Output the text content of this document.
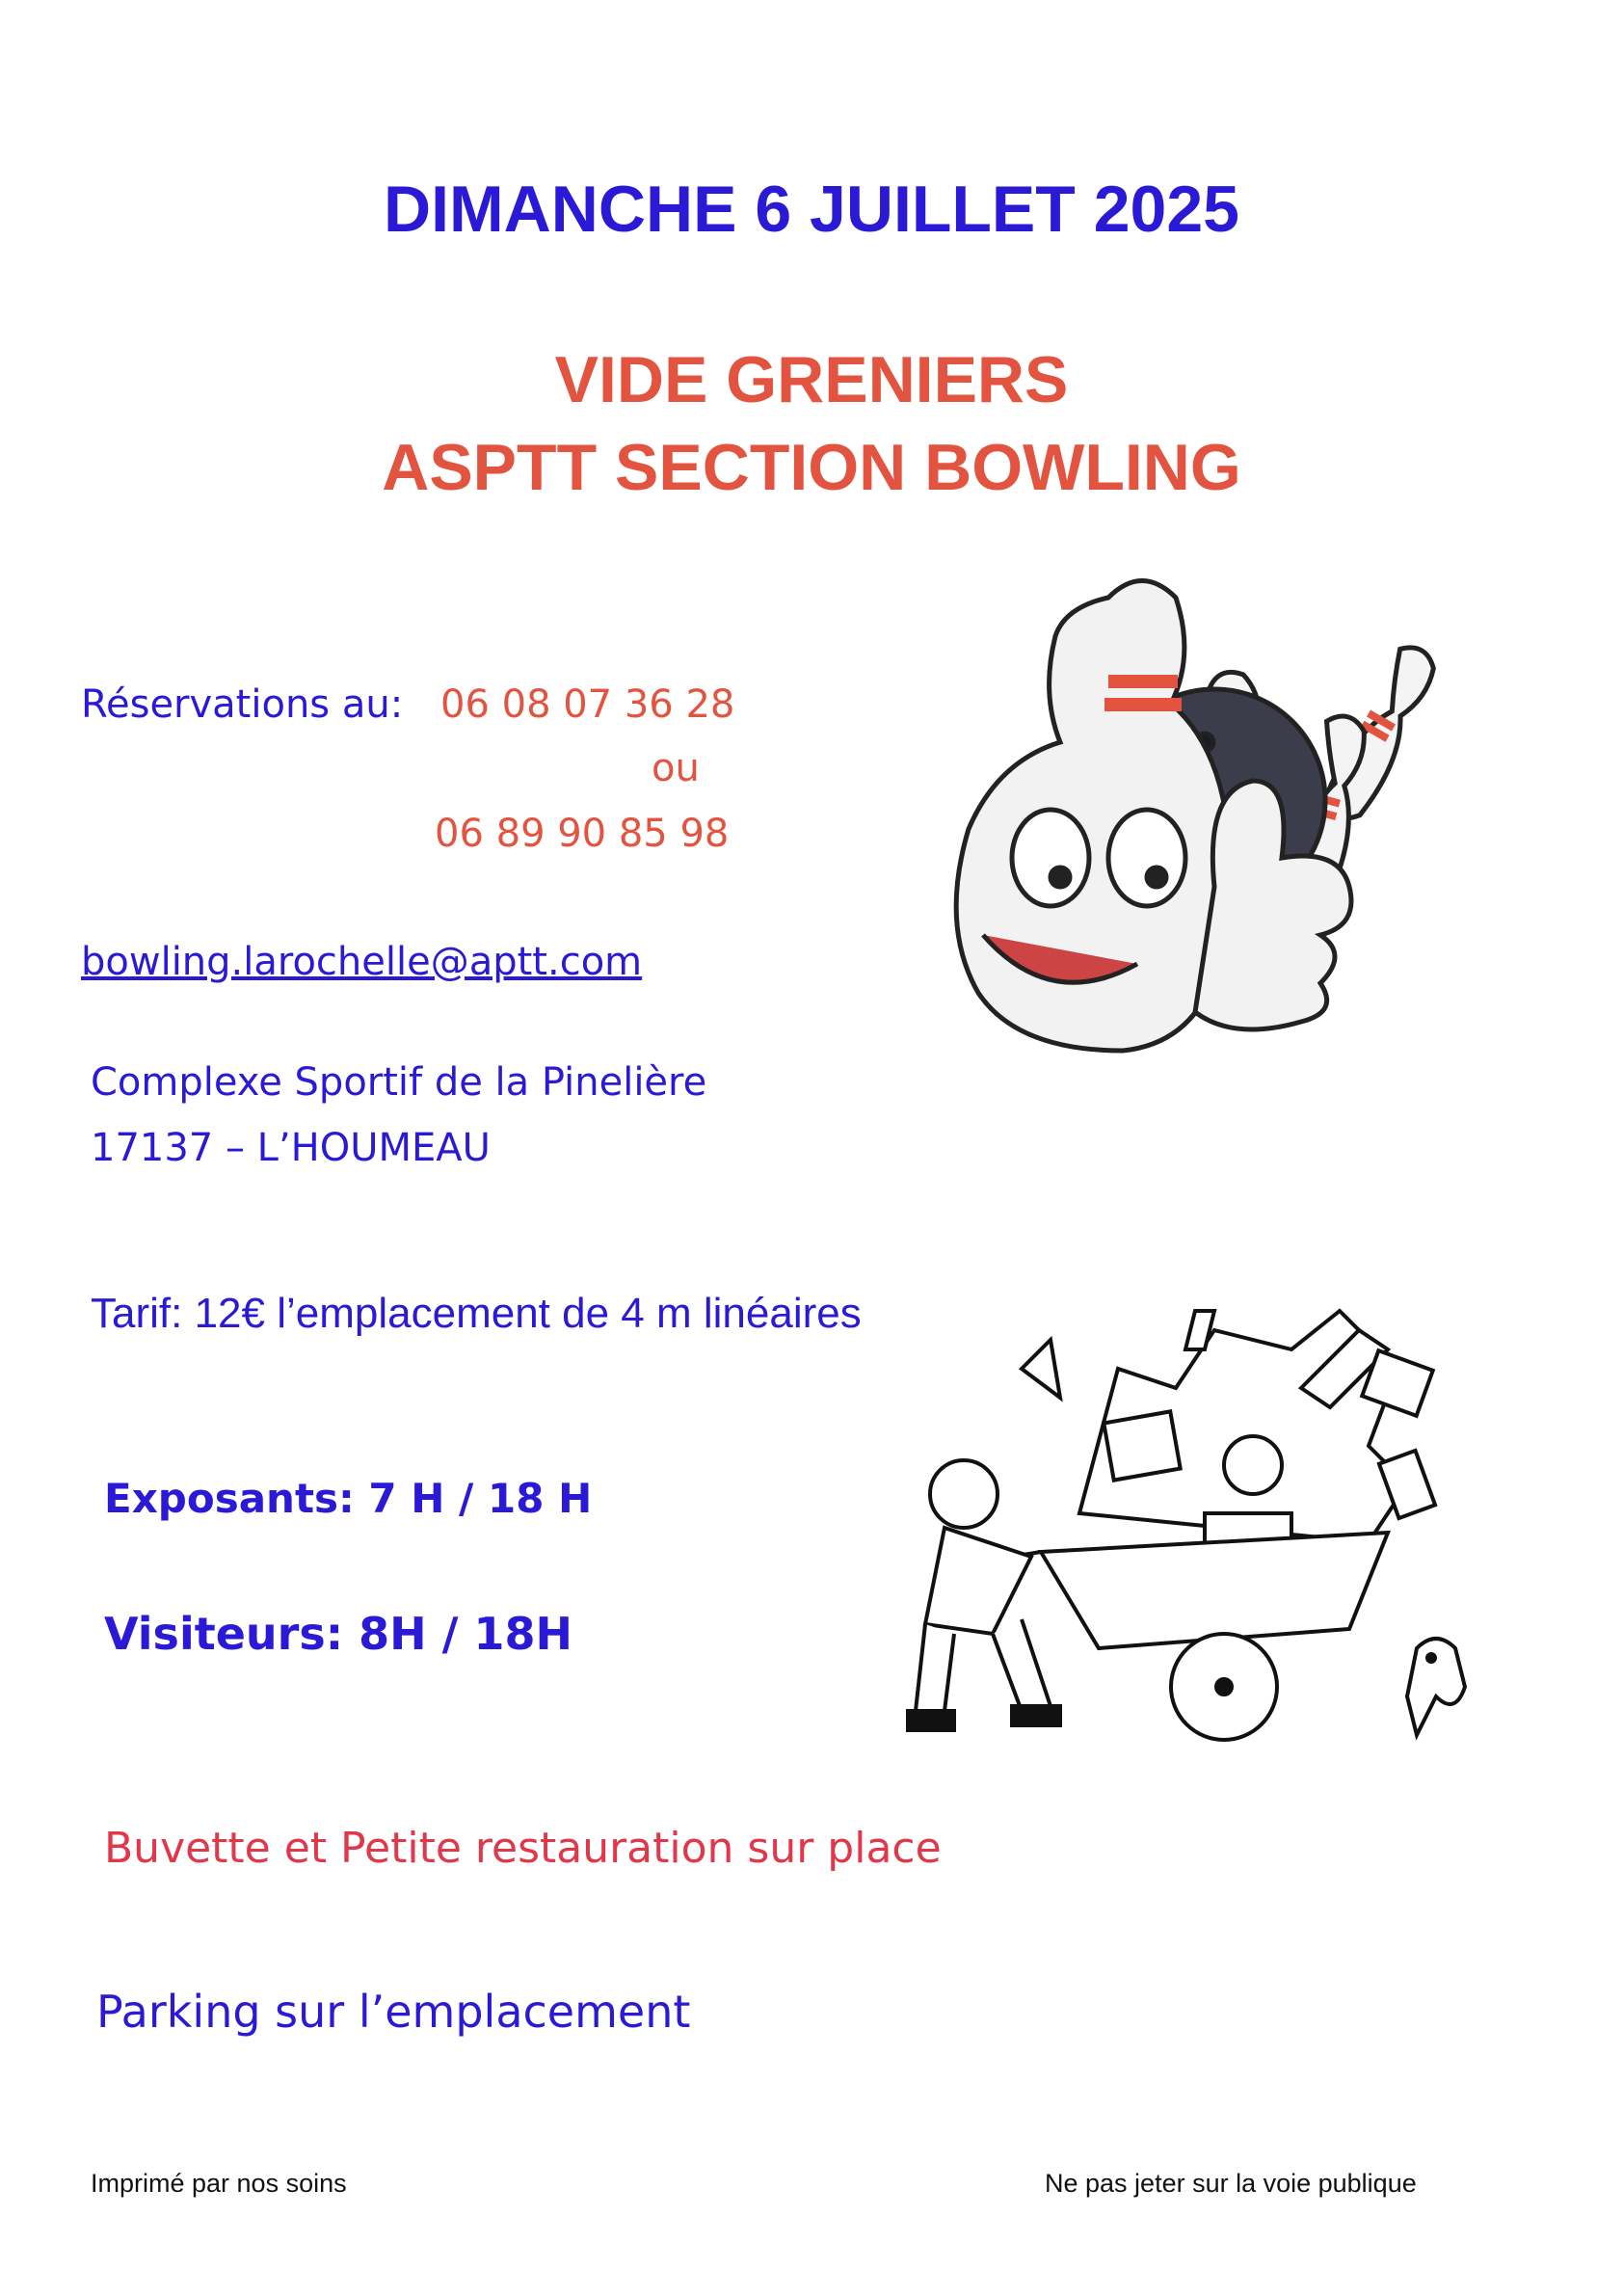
DIMANCHE 6 JUILLET 2025
VIDE GRENIERS
ASPTT SECTION BOWLING
Réservations au: 06 08 07 36 28
ou
06 89 90 85 98
bowling.larochelle@aptt.com
Complexe Sportif de la Pinelière
17137 – L’HOUMEAU
Tarif: 12€ l’emplacement de 4 m linéaires
Exposants: 7 H / 18 H
Visiteurs: 8H / 18H
Buvette et Petite restauration sur place
Parking sur l’emplacement
Imprimé par nos soins	Ne pas jeter sur la voie publique
